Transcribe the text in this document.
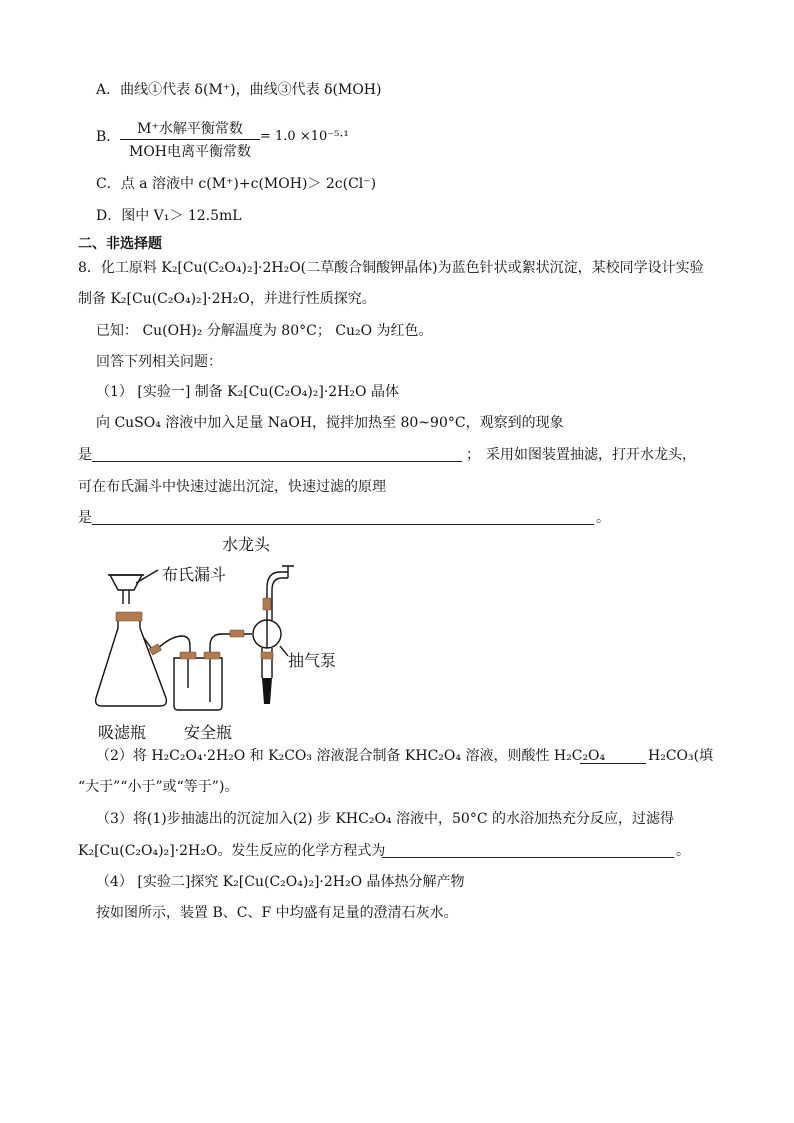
A．曲线①代表 δ(M⁺)，曲线③代表 δ(MOH)
B．	M⁺水解平衡常数
MOH电离平衡常数
= 1.0 ×10⁻⁵·¹
C．点 a 溶液中 c(M⁺)+c(MOH)＞ 2c(Cl⁻)
D．图中 V₁＞ 12.5mL
二、非选择题
8．化工原料 K₂[Cu(C₂O₄)₂]·2H₂O(二草酸合铜酸钾晶体)为蓝色针状或絮状沉淀，某校同学设计实验
制备 K₂[Cu(C₂O₄)₂]·2H₂O，并进行性质探究。
已知： Cu(OH)₂ 分解温度为 80°C； Cu₂O 为红色。
回答下列相关问题：
（1） [实验一] 制备 K₂[Cu(C₂O₄)₂]·2H₂O 晶体
向 CuSO₄ 溶液中加入足量 NaOH，搅拌加热至 80~90°C，观察到的现象
是	； 采用如图装置抽滤，打开水龙头，
可在布氏漏斗中快速过滤出沉淀，快速过滤的原理
是	。
水龙头
布氏漏斗
抽气泵
吸滤瓶 安全瓶
（2）将 H₂C₂O₄·2H₂O 和 K₂CO₃ 溶液混合制备 KHC₂O₄ 溶液，则酸性 H₂C₂O₄	H₂CO₃(填
“大于”“小于”或“等于”)。
（3）将(1)步抽滤出的沉淀加入(2) 步 KHC₂O₄ 溶液中，50°C 的水浴加热充分反应，过滤得
K₂[Cu(C₂O₄)₂]·2H₂O。发生反应的化学方程式为	。
（4） [实验二]探究 K₂[Cu(C₂O₄)₂]·2H₂O 晶体热分解产物
按如图所示，装置 B、C、F 中均盛有足量的澄清石灰水。
